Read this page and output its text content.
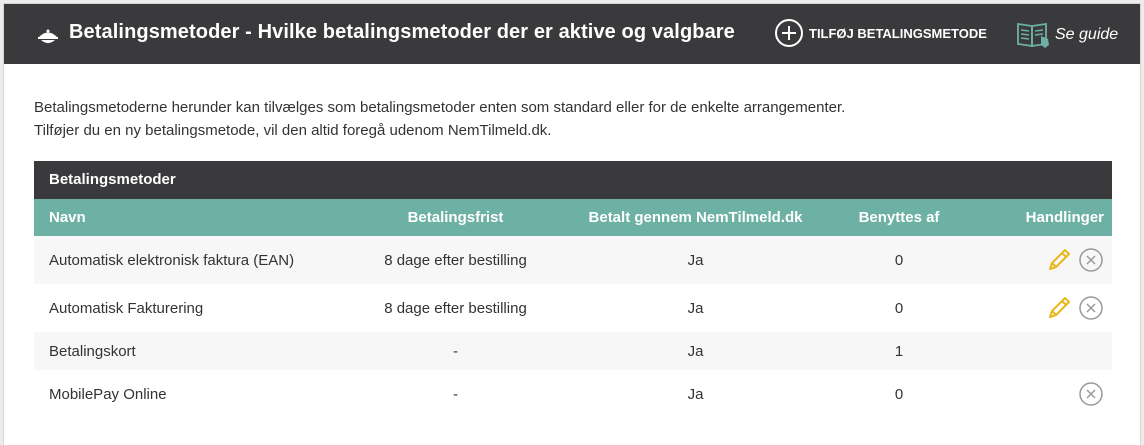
Betalingsmetoder - Hvilke betalingsmetoder der er aktive og valgbare	TILFØJ BETALINGSMETODE	Se guide
Betalingsmetoderne herunder kan tilvælges som betalingsmetoder enten som standard eller for de enkelte arrangementer.
Tilføjer du en ny betalingsmetode, vil den altid foregå udenom NemTilmeld.dk.
Betalingsmetoder
Navn	Betalingsfrist	Betalt gennem NemTilmeld.dk	Benyttes af	Handlinger
Automatisk elektronisk faktura (EAN)	8 dage efter bestilling	Ja	0
Automatisk Fakturering	8 dage efter bestilling	Ja	0
Betalingskort	-	Ja	1
MobilePay Online	-	Ja	0
